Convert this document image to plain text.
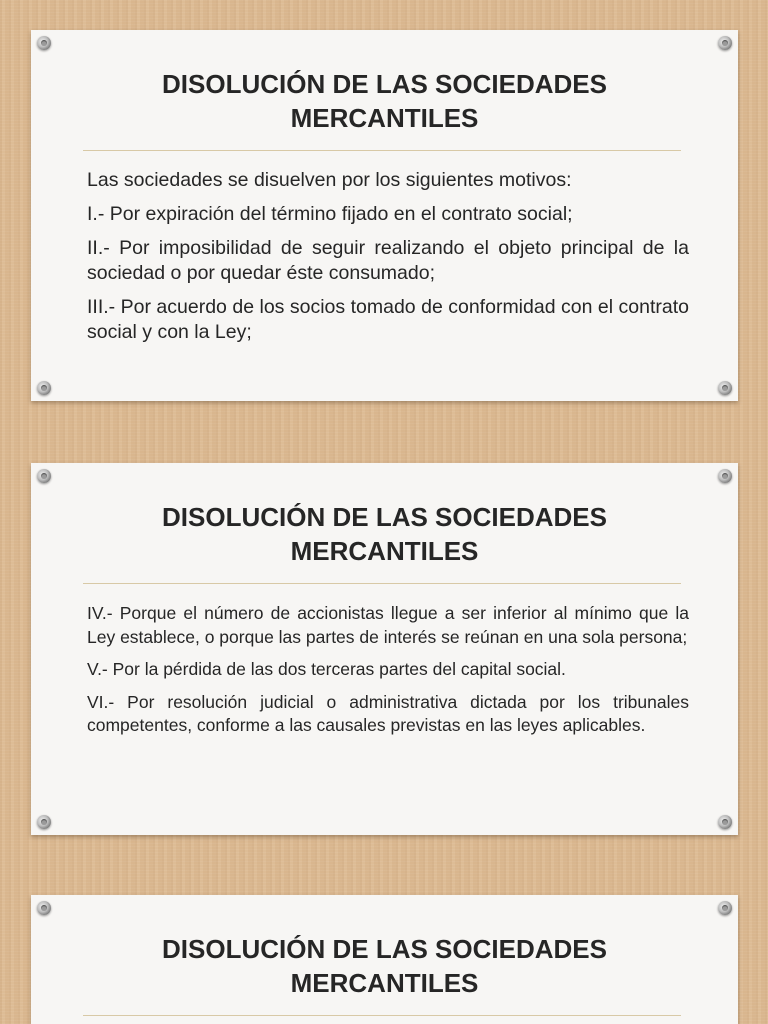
DISOLUCIÓN DE LAS SOCIEDADES
MERCANTILES

Las sociedades se disuelven por los siguientes motivos:

I.- Por expiración del término fijado en el contrato social;

II.- Por imposibilidad de seguir realizando el objeto principal de la sociedad o por quedar éste consumado;

III.- Por acuerdo de los socios tomado de conformidad con el contrato social y con la Ley;

DISOLUCIÓN DE LAS SOCIEDADES
MERCANTILES

IV.- Porque el número de accionistas llegue a ser inferior al mínimo que la Ley establece, o porque las partes de interés se reúnan en una sola persona;

V.- Por la pérdida de las dos terceras partes del capital social.

VI.- Por resolución judicial o administrativa dictada por los tribunales competentes, conforme a las causales previstas en las leyes aplicables.

DISOLUCIÓN DE LAS SOCIEDADES
MERCANTILES
